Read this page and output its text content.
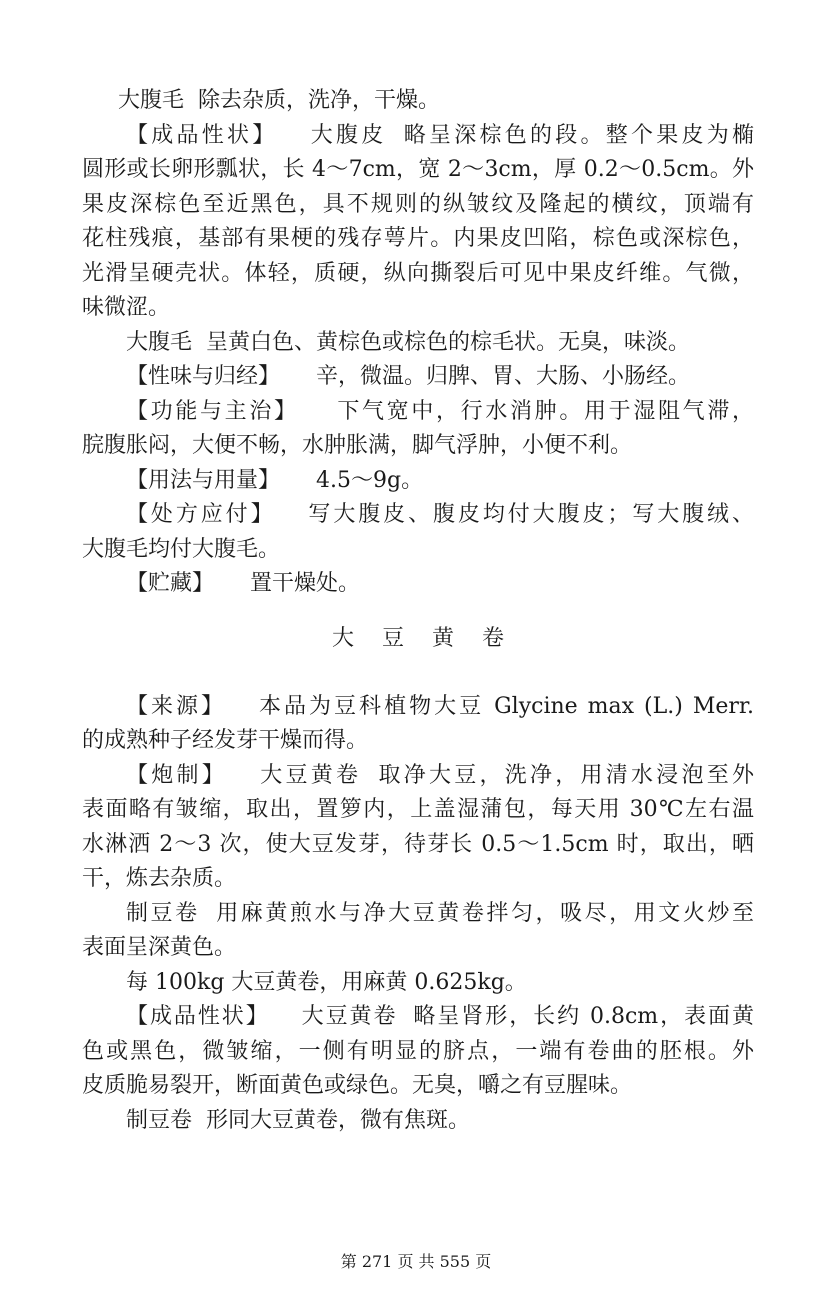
大腹毛 除去杂质，洗净，干燥。
【成品性状】 大腹皮 略呈深棕色的段。整个果皮为椭
圆形或长卵形瓢状，长 4～7cm，宽 2～3cm，厚 0.2～0.5cm。外
果皮深棕色至近黑色，具不规则的纵皱纹及隆起的横纹，顶端有
花柱残痕，基部有果梗的残存萼片。内果皮凹陷，棕色或深棕色，
光滑呈硬壳状。体轻，质硬，纵向撕裂后可见中果皮纤维。气微，
味微涩。
大腹毛 呈黄白色、黄棕色或棕色的棕毛状。无臭，味淡。
【性味与归经】 辛，微温。归脾、胃、大肠、小肠经。
【功能与主治】 下气宽中，行水消肿。用于湿阻气滞，
脘腹胀闷，大便不畅，水肿胀满，脚气浮肿，小便不利。
【用法与用量】 4.5～9g。
【处方应付】 写大腹皮、腹皮均付大腹皮；写大腹绒、
大腹毛均付大腹毛。
【贮藏】 置干燥处。
大 豆 黄 卷
【来源】 本品为豆科植物大豆 Glycine max (L.) Merr.
的成熟种子经发芽干燥而得。
【炮制】 大豆黄卷 取净大豆，洗净，用清水浸泡至外
表面略有皱缩，取出，置箩内，上盖湿蒲包，每天用 30℃左右温
水淋洒 2～3 次，使大豆发芽，待芽长 0.5～1.5cm 时，取出，晒
干，炼去杂质。
制豆卷 用麻黄煎水与净大豆黄卷拌匀，吸尽，用文火炒至
表面呈深黄色。
每 100kg 大豆黄卷，用麻黄 0.625kg。
【成品性状】 大豆黄卷 略呈肾形，长约 0.8cm，表面黄
色或黑色，微皱缩，一侧有明显的脐点，一端有卷曲的胚根。外
皮质脆易裂开，断面黄色或绿色。无臭，嚼之有豆腥味。
制豆卷 形同大豆黄卷，微有焦斑。
第 271 页 共 555 页
